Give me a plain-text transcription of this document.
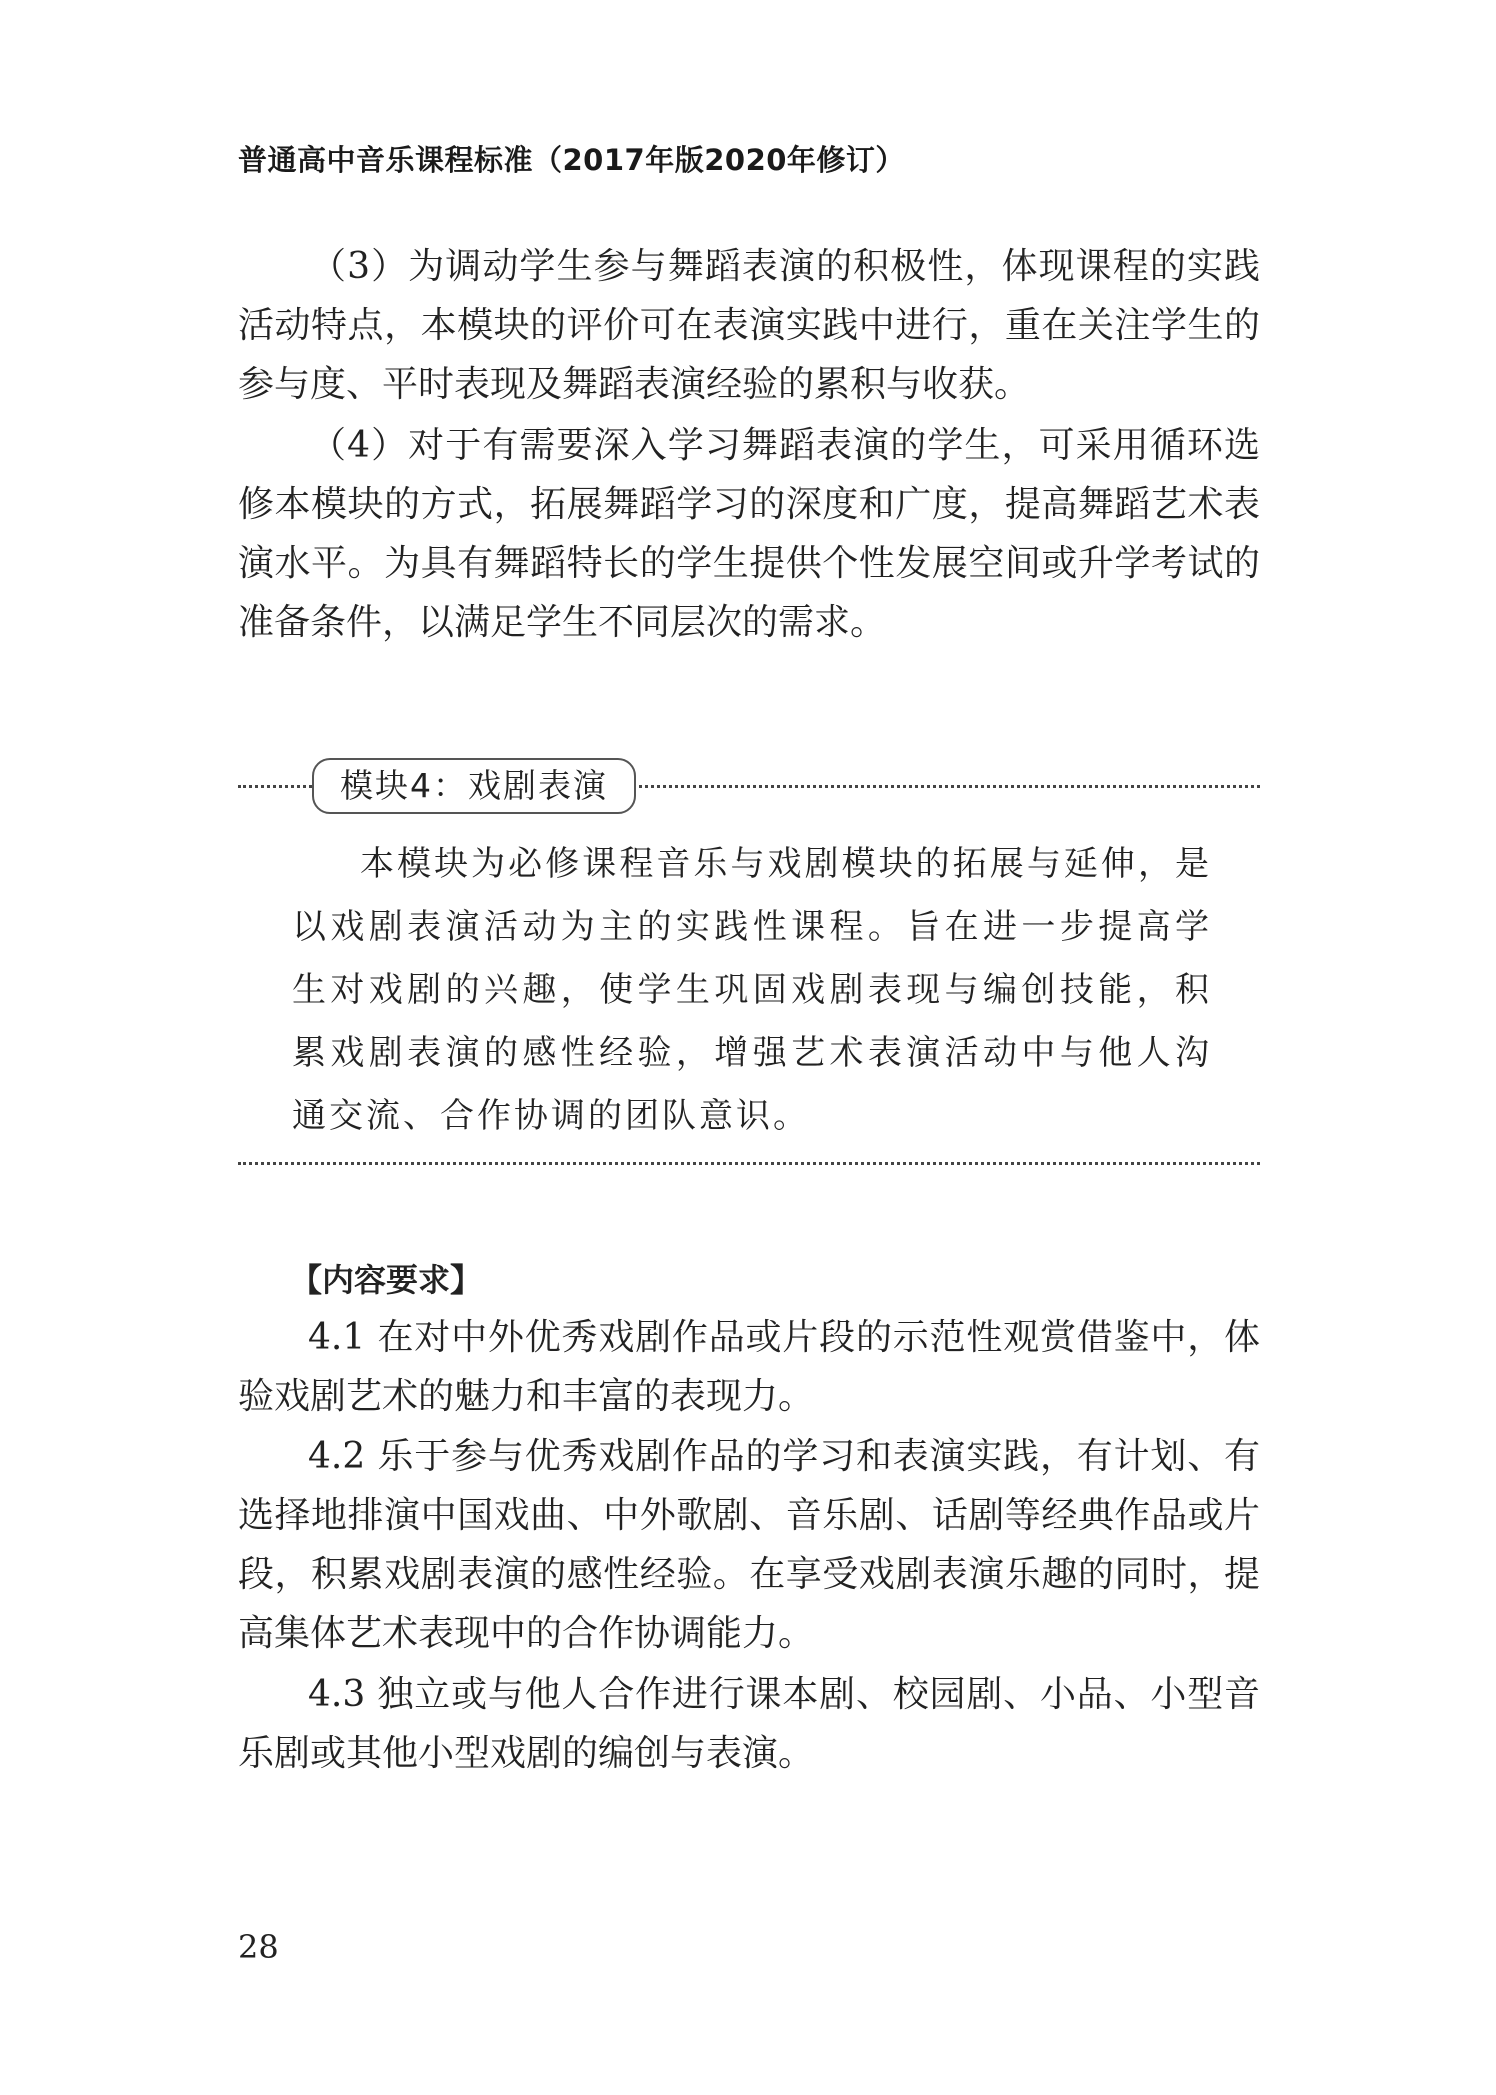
普通高中音乐课程标准（2017年版2020年修订）

（3）为调动学生参与舞蹈表演的积极性，体现课程的实践活动特点，本模块的评价可在表演实践中进行，重在关注学生的参与度、平时表现及舞蹈表演经验的累积与收获。

（4）对于有需要深入学习舞蹈表演的学生，可采用循环选修本模块的方式，拓展舞蹈学习的深度和广度，提高舞蹈艺术表演水平。为具有舞蹈特长的学生提供个性发展空间或升学考试的准备条件，以满足学生不同层次的需求。

模块4：戏剧表演

本模块为必修课程音乐与戏剧模块的拓展与延伸，是以戏剧表演活动为主的实践性课程。旨在进一步提高学生对戏剧的兴趣，使学生巩固戏剧表现与编创技能，积累戏剧表演的感性经验，增强艺术表演活动中与他人沟通交流、合作协调的团队意识。

【内容要求】

4.1 在对中外优秀戏剧作品或片段的示范性观赏借鉴中，体验戏剧艺术的魅力和丰富的表现力。

4.2 乐于参与优秀戏剧作品的学习和表演实践，有计划、有选择地排演中国戏曲、中外歌剧、音乐剧、话剧等经典作品或片段，积累戏剧表演的感性经验。在享受戏剧表演乐趣的同时，提高集体艺术表现中的合作协调能力。

4.3 独立或与他人合作进行课本剧、校园剧、小品、小型音乐剧或其他小型戏剧的编创与表演。

28
